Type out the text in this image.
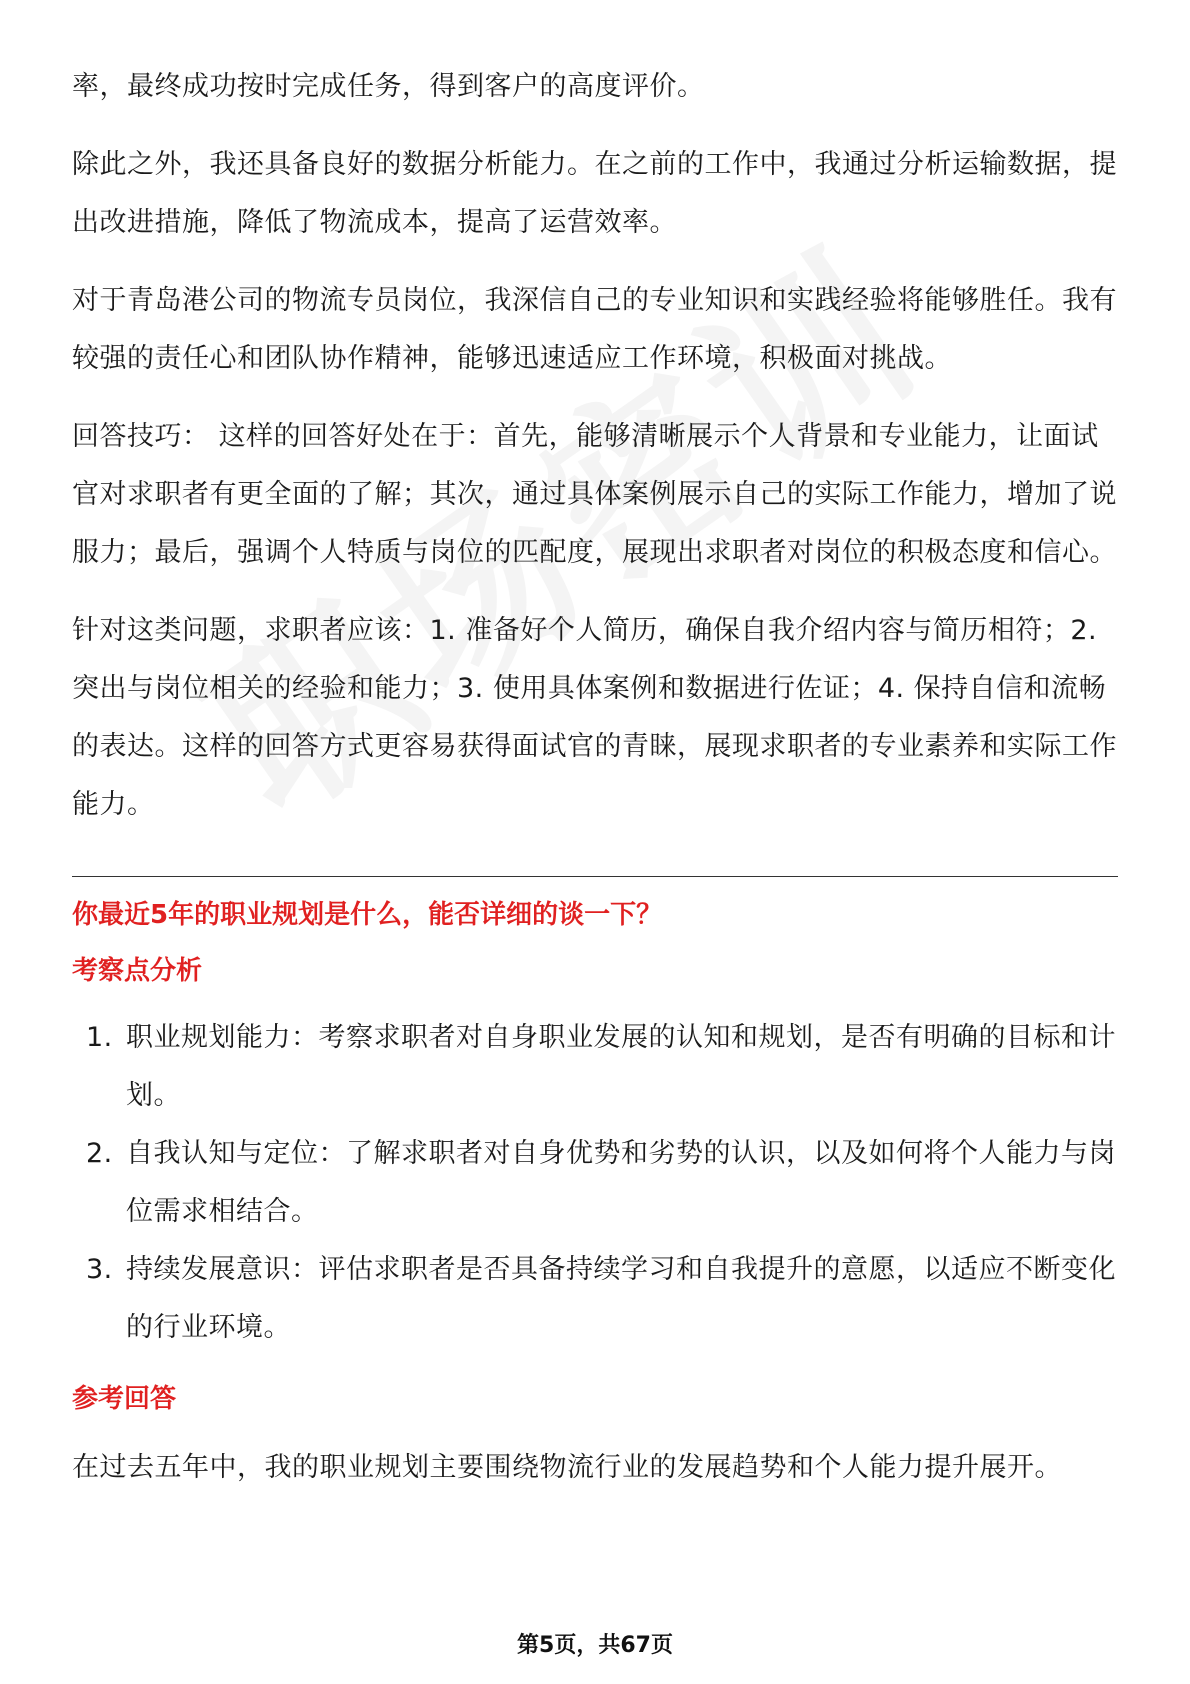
率，最终成功按时完成任务，得到客户的高度评价。

除此之外，我还具备良好的数据分析能力。在之前的工作中，我通过分析运输数据，提出改进措施，降低了物流成本，提高了运营效率。

对于青岛港公司的物流专员岗位，我深信自己的专业知识和实践经验将能够胜任。我有较强的责任心和团队协作精神，能够迅速适应工作环境，积极面对挑战。

回答技巧： 这样的回答好处在于：首先，能够清晰展示个人背景和专业能力，让面试官对求职者有更全面的了解；其次，通过具体案例展示自己的实际工作能力，增加了说服力；最后，强调个人特质与岗位的匹配度，展现出求职者对岗位的积极态度和信心。

针对这类问题，求职者应该：1. 准备好个人简历，确保自我介绍内容与简历相符；2. 突出与岗位相关的经验和能力；3. 使用具体案例和数据进行佐证；4. 保持自信和流畅的表达。这样的回答方式更容易获得面试官的青睐，展现求职者的专业素养和实际工作能力。

你最近5年的职业规划是什么，能否详细的谈一下？

考察点分析

1. 职业规划能力：考察求职者对自身职业发展的认知和规划，是否有明确的目标和计划。
2. 自我认知与定位：了解求职者对自身优势和劣势的认识，以及如何将个人能力与岗位需求相结合。
3. 持续发展意识：评估求职者是否具备持续学习和自我提升的意愿，以适应不断变化的行业环境。

参考回答

在过去五年中，我的职业规划主要围绕物流行业的发展趋势和个人能力提升展开。

第5页，共67页
